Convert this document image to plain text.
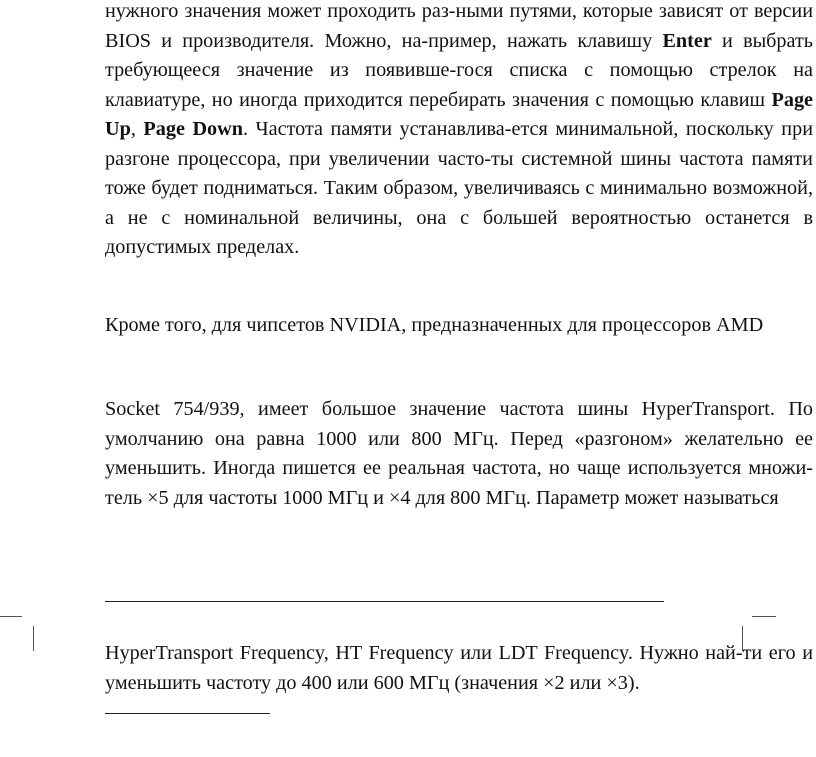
нужного значения может проходить раз-ными путями, которые зависят от версии BIOS и производителя. Можно, на-пример, нажать клавишу Enter и выбрать требующееся значение из появивше-гося списка с помощью стрелок на клавиатуре, но иногда приходится перебирать значения с помощью клавиш Page Up, Page Down. Частота памяти устанавлива-ется минимальной, поскольку при разгоне процессора, при увеличении часто-ты системной шины частота памяти тоже будет подниматься. Таким образом, увеличиваясь с минимально возможной, а не с номинальной величины, она с большей вероятностью останется в допустимых пределах.

Кроме того, для чипсетов NVIDIA, предназначенных для процессоров AMD

Socket 754/939, имеет большое значение частота шины HyperTransport. По умолчанию она равна 1000 или 800 МГц. Перед «разгоном» желательно ее уменьшить. Иногда пишется ее реальная частота, но чаще используется множи-тель ×5 для частоты 1000 МГц и ×4 для 800 МГц. Параметр может называться

HyperTransport Frequency, HT Frequency или LDT Frequency. Нужно най-ти его и уменьшить частоту до 400 или 600 МГц (значения ×2 или ×3).
